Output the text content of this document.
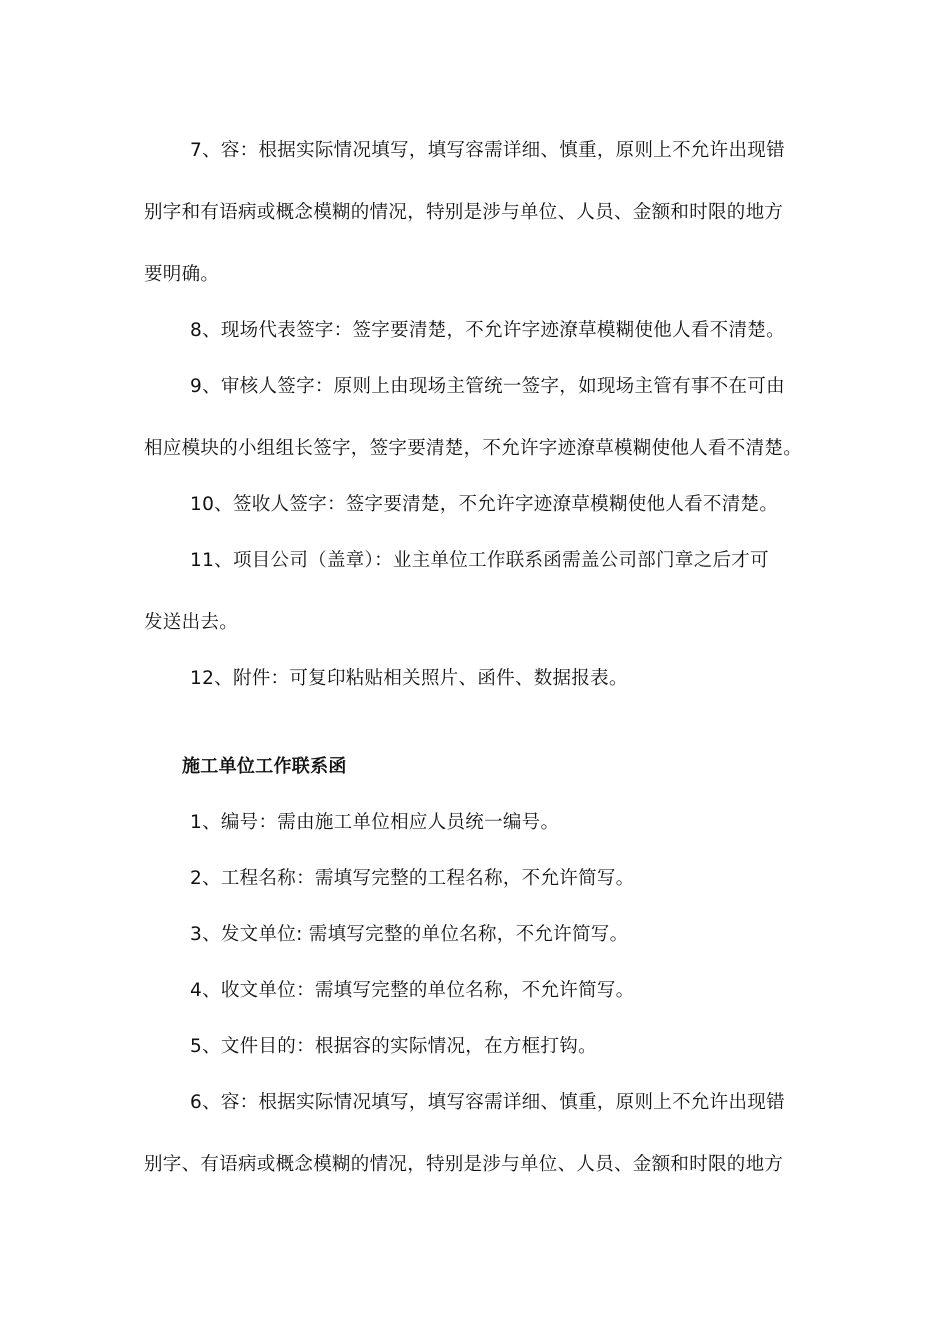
7、容：根据实际情况填写，填写容需详细、慎重，原则上不允许出现错
别字和有语病或概念模糊的情况，特别是涉与单位、人员、金额和时限的地方
要明确。
8、现场代表签字：签字要清楚，不允许字迹潦草模糊使他人看不清楚。
9、审核人签字：原则上由现场主管统一签字，如现场主管有事不在可由
相应模块的小组组长签字，签字要清楚，不允许字迹潦草模糊使他人看不清楚。
10、签收人签字：签字要清楚，不允许字迹潦草模糊使他人看不清楚。
11、项目公司（盖章）：业主单位工作联系函需盖公司部门章之后才可
发送出去。
12、附件：可复印粘贴相关照片、函件、数据报表。
施工单位工作联系函
1、编号：需由施工单位相应人员统一编号。
2、工程名称：需填写完整的工程名称，不允许简写。
3、发文单位: 需填写完整的单位名称，不允许简写。
4、收文单位：需填写完整的单位名称，不允许简写。
5、文件目的：根据容的实际情况，在方框打钩。
6、容：根据实际情况填写，填写容需详细、慎重，原则上不允许出现错
别字、有语病或概念模糊的情况，特别是涉与单位、人员、金额和时限的地方
